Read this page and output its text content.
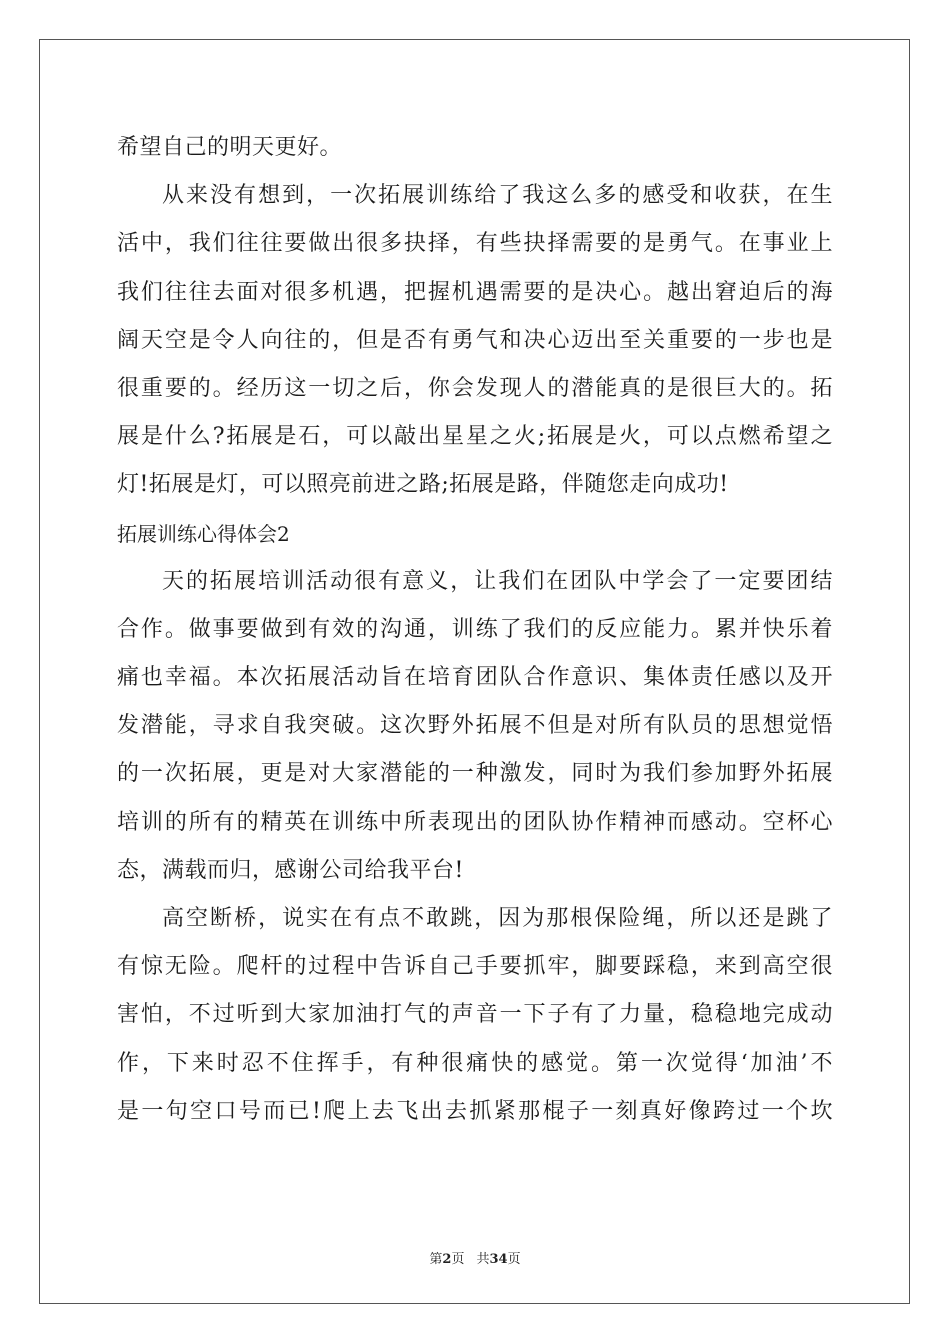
希望自己的明天更好。
从来没有想到，一次拓展训练给了我这么多的感受和收获，在生
活中，我们往往要做出很多抉择，有些抉择需要的是勇气。在事业上
我们往往去面对很多机遇，把握机遇需要的是决心。越出窘迫后的海
阔天空是令人向往的，但是否有勇气和决心迈出至关重要的一步也是
很重要的。经历这一切之后，你会发现人的潜能真的是很巨大的。拓
展是什么?拓展是石，可以敲出星星之火;拓展是火，可以点燃希望之
灯!拓展是灯，可以照亮前进之路;拓展是路，伴随您走向成功!
拓展训练心得体会2
天的拓展培训活动很有意义，让我们在团队中学会了一定要团结
合作。做事要做到有效的沟通，训练了我们的反应能力。累并快乐着
痛也幸福。本次拓展活动旨在培育团队合作意识、集体责任感以及开
发潜能，寻求自我突破。这次野外拓展不但是对所有队员的思想觉悟
的一次拓展，更是对大家潜能的一种激发，同时为我们参加野外拓展
培训的所有的精英在训练中所表现出的团队协作精神而感动。空杯心
态，满载而归，感谢公司给我平台!
高空断桥，说实在有点不敢跳，因为那根保险绳，所以还是跳了
有惊无险。爬杆的过程中告诉自己手要抓牢，脚要踩稳，来到高空很
害怕，不过听到大家加油打气的声音一下子有了力量，稳稳地完成动
作，下来时忍不住挥手，有种很痛快的感觉。第一次觉得‘加油’不
是一句空口号而已!爬上去飞出去抓紧那棍子一刻真好像跨过一个坎
第2页 共34页
